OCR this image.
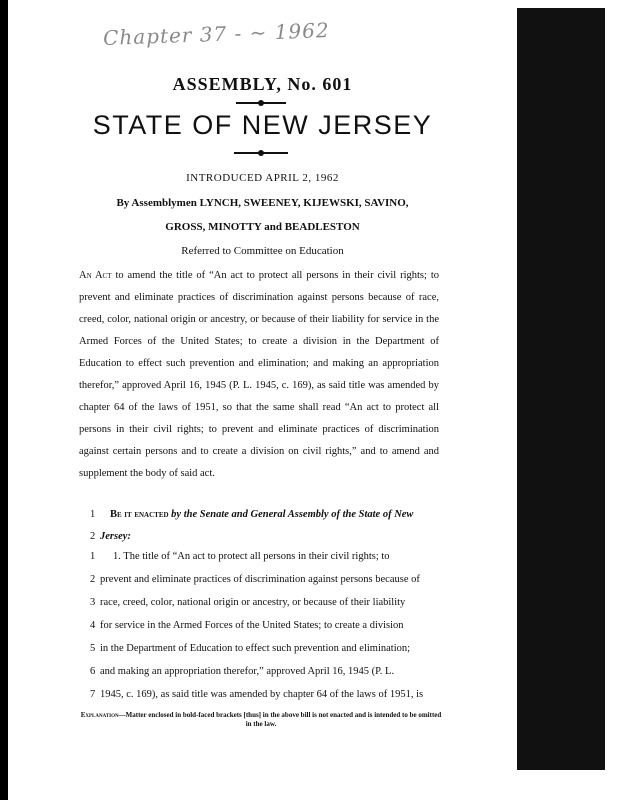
Chapter 37 - ~ 1962
ASSEMBLY, No. 601
STATE OF NEW JERSEY
INTRODUCED APRIL 2, 1962
By Assemblymen LYNCH, SWEENEY, KIJEWSKI, SAVINO,
GROSS, MINOTTY and BEADLESTON
Referred to Committee on Education

An Act to amend the title of “An act to protect all persons in their civil rights; to prevent and eliminate practices of discrimination against persons because of race, creed, color, national origin or ancestry, or because of their liability for service in the Armed Forces of the United States; to create a division in the Department of Education to effect such prevention and elimination; and making an appropriation therefor,” approved April 16, 1945 (P. L. 1945, c. 169), as said title was amended by chapter 64 of the laws of 1951, so that the same shall read “An act to protect all persons in their civil rights; to prevent and eliminate practices of discrimination against certain persons and to create a division on civil rights,” and to amend and supplement the body of said act.

1 Be it enacted by the Senate and General Assembly of the State of New
2 Jersey:
1
2
3
4
5
6
7
1. The title of “An act to protect all persons in their civil rights; to
prevent and eliminate practices of discrimination against persons because of
race, creed, color, national origin or ancestry, or because of their liability
for service in the Armed Forces of the United States; to create a division
in the Department of Education to effect such prevention and elimination;
and making an appropriation therefor,” approved April 16, 1945 (P. L.
1945, c. 169), as said title was amended by chapter 64 of the laws of 1951, is
Explanation—Matter enclosed in bold-faced brackets [thus] in the above bill is not enacted and is intended to be omitted in the law.
